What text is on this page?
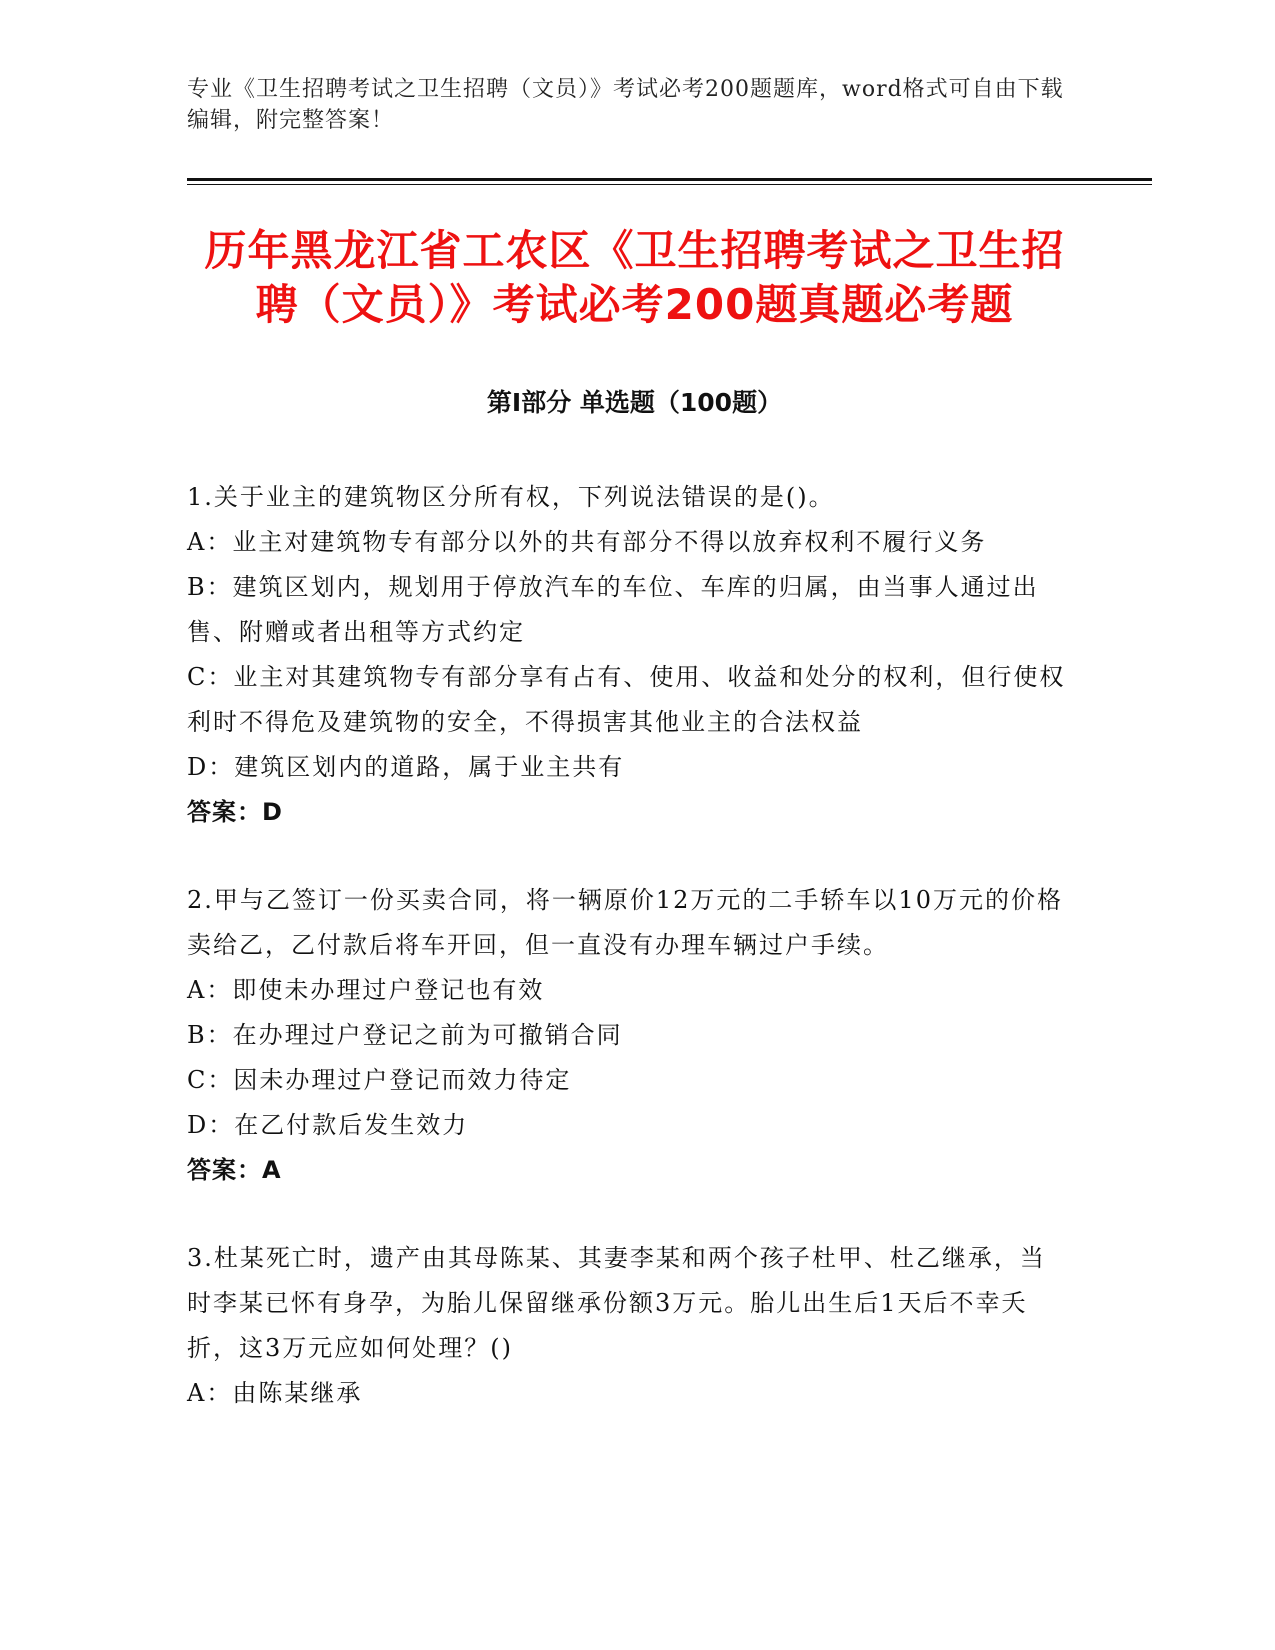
专业《卫生招聘考试之卫生招聘（文员）》考试必考200题题库，word格式可自由下载编辑，附完整答案！
历年黑龙江省工农区《卫生招聘考试之卫生招聘（文员）》考试必考200题真题必考题
第Ⅰ部分 单选题（100题）
1.关于业主的建筑物区分所有权，下列说法错误的是()。
A：业主对建筑物专有部分以外的共有部分不得以放弃权利不履行义务
B：建筑区划内，规划用于停放汽车的车位、车库的归属，由当事人通过出售、附赠或者出租等方式约定
C：业主对其建筑物专有部分享有占有、使用、收益和处分的权利，但行使权利时不得危及建筑物的安全，不得损害其他业主的合法权益
D：建筑区划内的道路，属于业主共有
答案：D
2.甲与乙签订一份买卖合同，将一辆原价12万元的二手轿车以10万元的价格卖给乙，乙付款后将车开回，但一直没有办理车辆过户手续。
A：即使未办理过户登记也有效
B：在办理过户登记之前为可撤销合同
C：因未办理过户登记而效力待定
D：在乙付款后发生效力
答案：A
3.杜某死亡时，遗产由其母陈某、其妻李某和两个孩子杜甲、杜乙继承，当时李某已怀有身孕，为胎儿保留继承份额3万元。胎儿出生后1天后不幸夭折，这3万元应如何处理？()
A：由陈某继承
